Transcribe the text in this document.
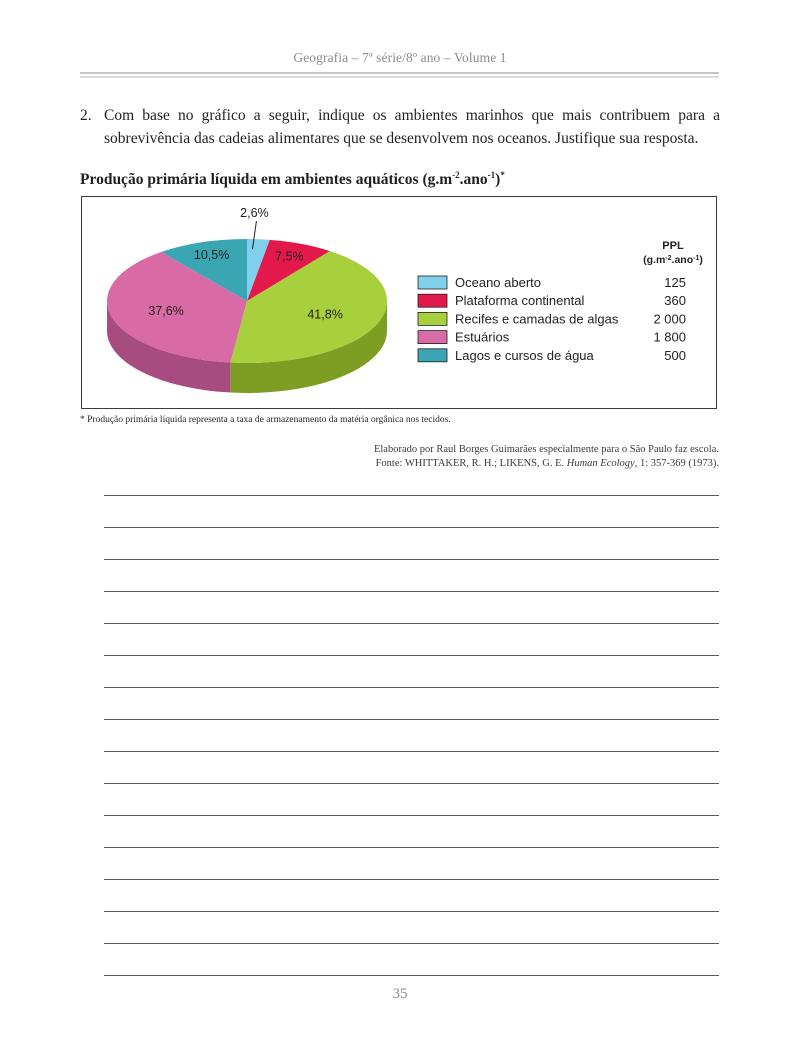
Geografia – 7ª série/8º ano – Volume 1
2. Com base no gráfico a seguir, indique os ambientes marinhos que mais contribuem para a sobrevivência das cadeias alimentares que se desenvolvem nos oceanos. Justifique sua resposta.
Produção primária líquida em ambientes aquáticos $(g.m^{-2}.ano^{-1})^*$
2,6%
7,5%
41,8%
37,6%
10,5%
PPL
$(g.m^{-2}.ano^{-1})$
Oceano aberto	125
Plataforma continental	360
Recifes e camadas de algas	2 000
Estuários	1 800
Lagos e cursos de água	500
* Produção primária líquida representa a taxa de armazenamento da matéria orgânica nos tecidos.
Elaborado por Raul Borges Guimarães especialmente para o São Paulo faz escola.
Fonte: WHITTAKER, R. H.; LIKENS, G. E. Human Ecology, 1: 357-369 (1973).
35
